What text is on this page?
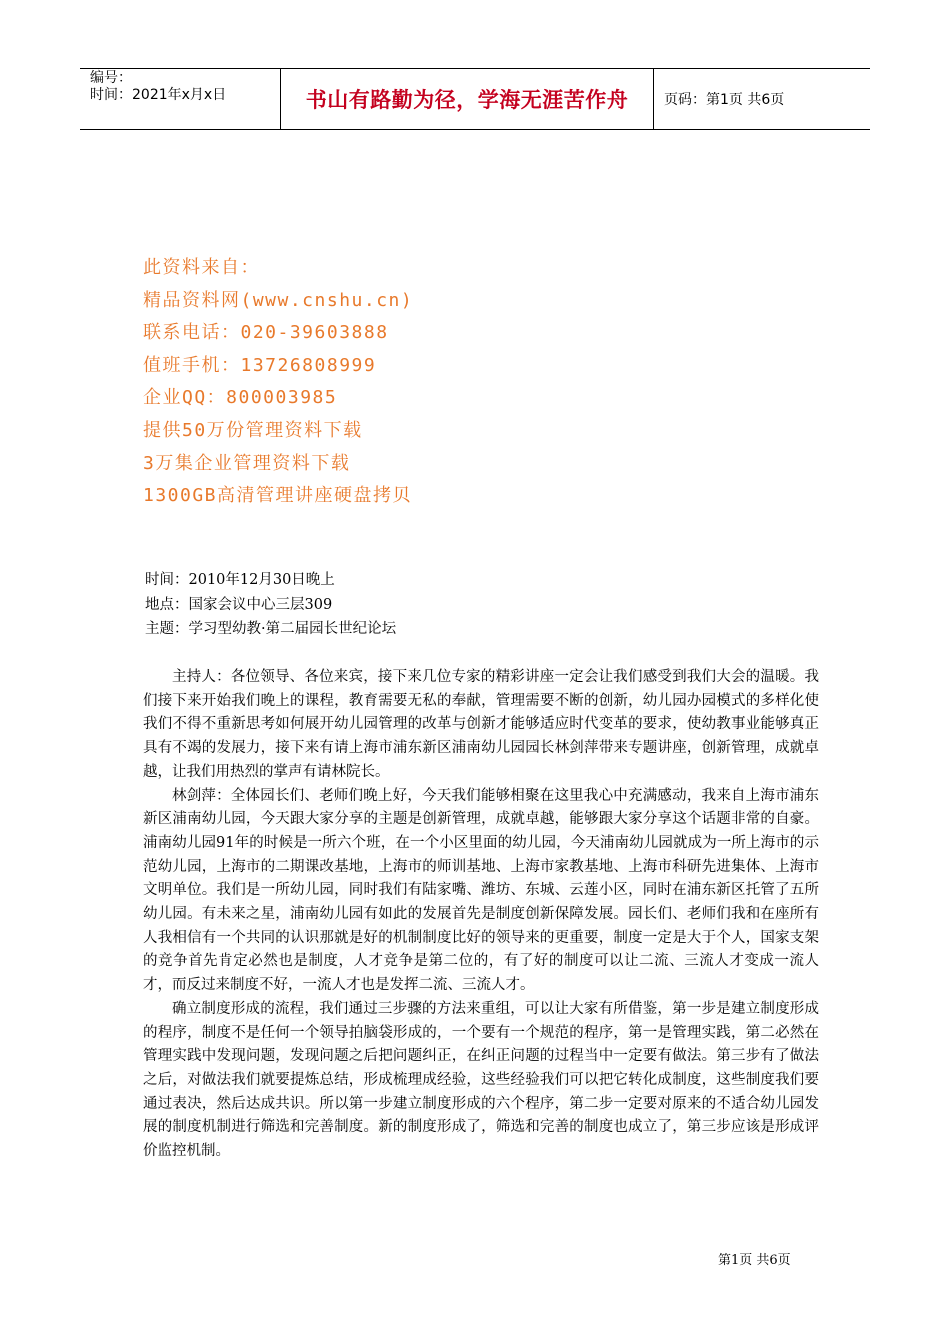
编号：
时间：2021年x月x日	书山有路勤为径，学海无涯苦作舟	页码：第1页 共6页
此资料来自：
精品资料网(www.cnshu.cn)
联系电话：020-39603888
值班手机：13726808999
企业QQ：800003985
提供50万份管理资料下载
3万集企业管理资料下载
1300GB高清管理讲座硬盘拷贝
时间：2010年12月30日晚上
地点：国家会议中心三层309
主题：学习型幼教·第二届园长世纪论坛

主持人：各位领导、各位来宾，接下来几位专家的精彩讲座一定会让我们感受到我们大会的温暖。我们接下来开始我们晚上的课程，教育需要无私的奉献，管理需要不断的创新，幼儿园办园模式的多样化使我们不得不重新思考如何展开幼儿园管理的改革与创新才能够适应时代变革的要求，使幼教事业能够真正具有不竭的发展力，接下来有请上海市浦东新区浦南幼儿园园长林剑萍带来专题讲座，创新管理，成就卓越，让我们用热烈的掌声有请林院长。

林剑萍：全体园长们、老师们晚上好，今天我们能够相聚在这里我心中充满感动，我来自上海市浦东新区浦南幼儿园，今天跟大家分享的主题是创新管理，成就卓越，能够跟大家分享这个话题非常的自豪。浦南幼儿园91年的时候是一所六个班，在一个小区里面的幼儿园，今天浦南幼儿园就成为一所上海市的示范幼儿园，上海市的二期课改基地，上海市的师训基地、上海市家教基地、上海市科研先进集体、上海市文明单位。我们是一所幼儿园，同时我们有陆家嘴、潍坊、东城、云莲小区，同时在浦东新区托管了五所幼儿园。有未来之星，浦南幼儿园有如此的发展首先是制度创新保障发展。园长们、老师们我和在座所有人我相信有一个共同的认识那就是好的机制制度比好的领导来的更重要，制度一定是大于个人，国家支架的竞争首先肯定必然也是制度，人才竞争是第二位的，有了好的制度可以让二流、三流人才变成一流人才，而反过来制度不好，一流人才也是发挥二流、三流人才。

确立制度形成的流程，我们通过三步骤的方法来重组，可以让大家有所借鉴，第一步是建立制度形成的程序，制度不是任何一个领导拍脑袋形成的，一个要有一个规范的程序，第一是管理实践，第二必然在管理实践中发现问题，发现问题之后把问题纠正，在纠正问题的过程当中一定要有做法。第三步有了做法之后，对做法我们就要提炼总结，形成梳理成经验，这些经验我们可以把它转化成制度，这些制度我们要通过表决，然后达成共识。所以第一步建立制度形成的六个程序，第二步一定要对原来的不适合幼儿园发展的制度机制进行筛选和完善制度。新的制度形成了，筛选和完善的制度也成立了，第三步应该是形成评价监控机制。

第1页 共6页
